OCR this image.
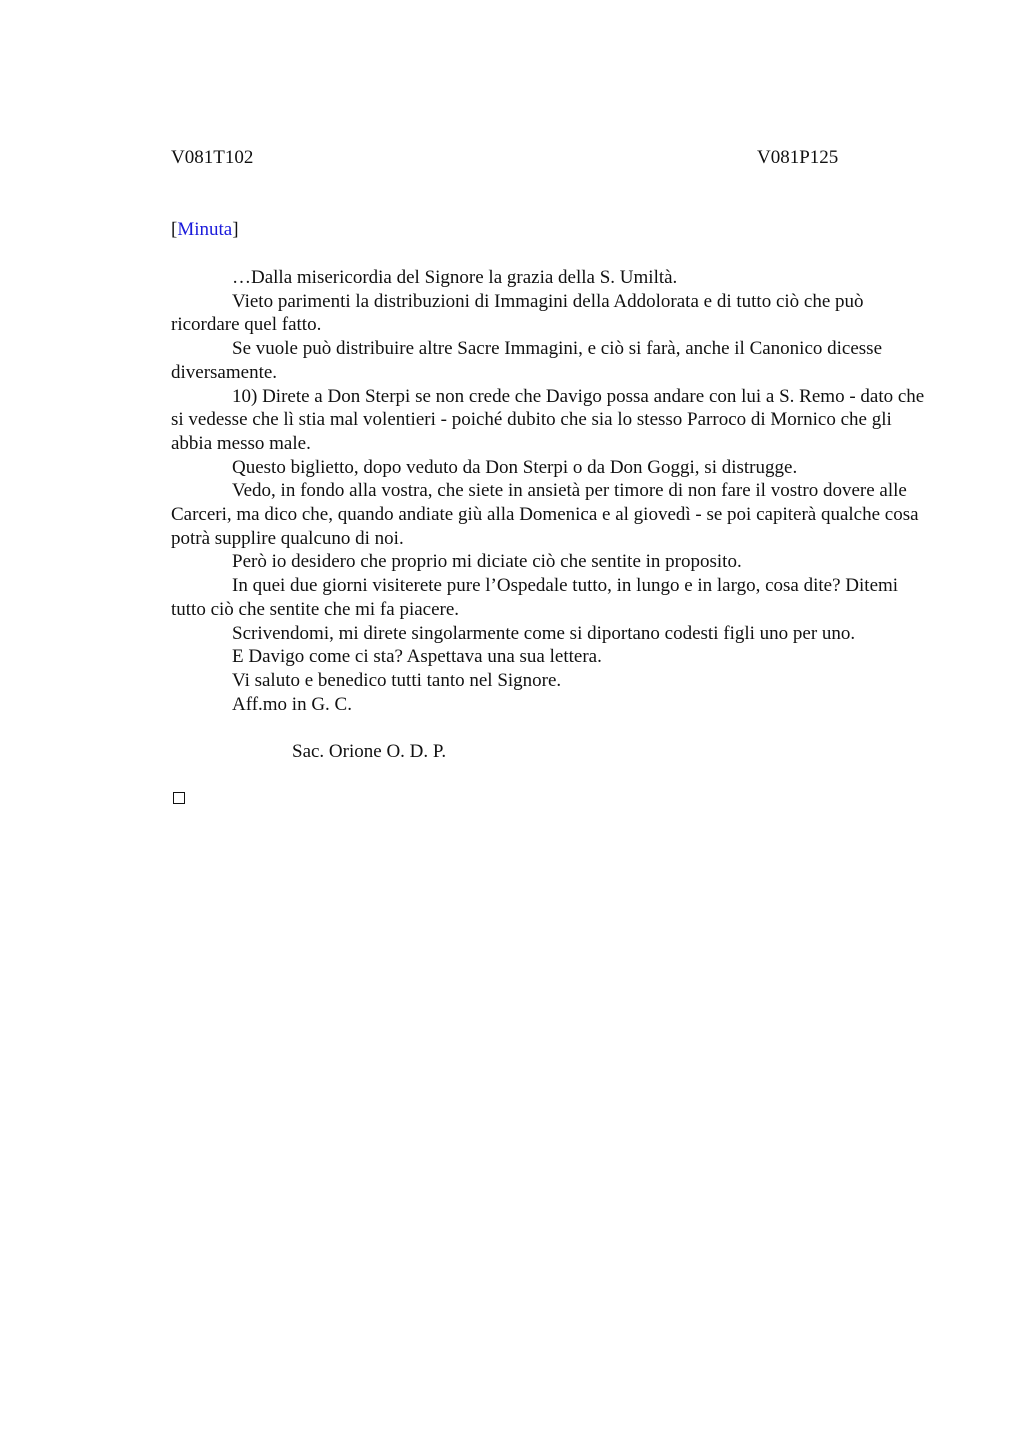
V081T102	V081P125
[Minuta]

…Dalla misericordia del Signore la grazia della S. Umiltà.

Vieto parimenti la distribuzioni di Immagini della Addolorata e di tutto ciò che può ricordare quel fatto.

Se vuole può distribuire altre Sacre Immagini, e ciò si farà, anche il Canonico dicesse diversamente.

10) Direte a Don Sterpi se non crede che Davigo possa andare con lui a S. Remo - dato che si vedesse che lì stia mal volentieri - poiché dubito che sia lo stesso Parroco di Mornico che gli abbia messo male.

Questo biglietto, dopo veduto da Don Sterpi o da Don Goggi, si distrugge.

Vedo, in fondo alla vostra, che siete in ansietà per timore di non fare il vostro dovere alle Carceri, ma dico che, quando andiate giù alla Domenica e al giovedì - se poi capiterà qualche cosa potrà supplire qualcuno di noi.

Però io desidero che proprio mi diciate ciò che sentite in proposito.

In quei due giorni visiterete pure l’Ospedale tutto, in lungo e in largo, cosa dite? Ditemi tutto ciò che sentite che mi fa piacere.

Scrivendomi, mi direte singolarmente come si diportano codesti figli uno per uno.

E Davigo come ci sta? Aspettava una sua lettera.

Vi saluto e benedico tutti tanto nel Signore.

Aff.mo in G. C.

Sac. Orione O. D. P.
